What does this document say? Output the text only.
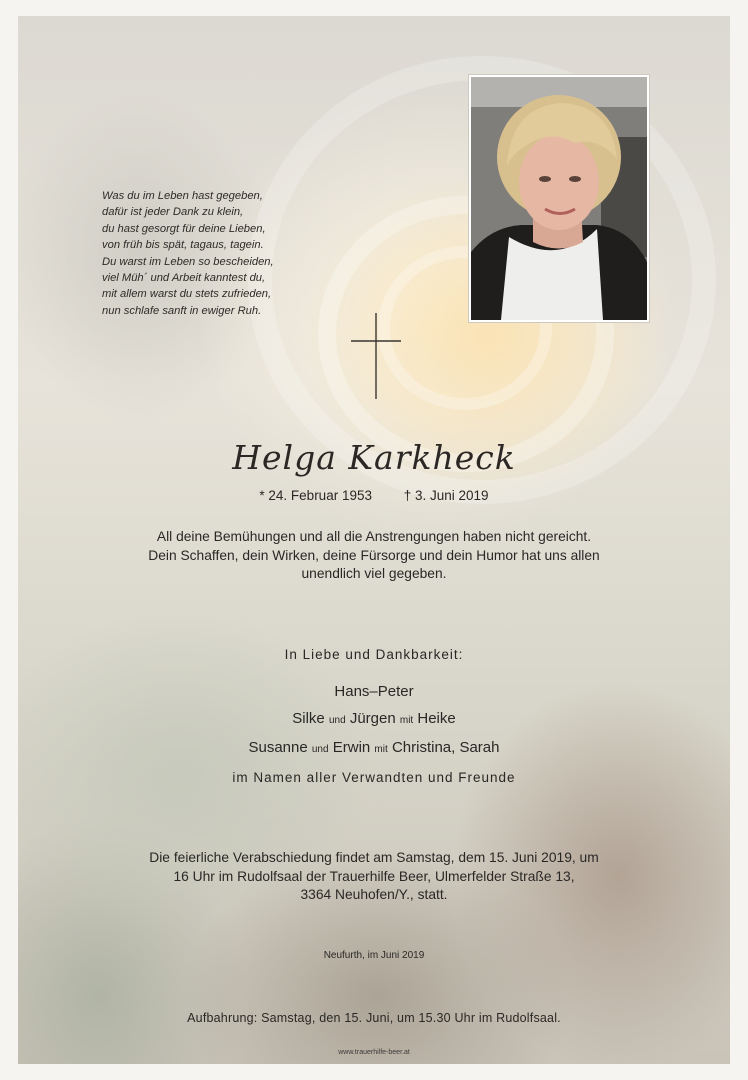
Was du im Leben hast gegeben,
dafür ist jeder Dank zu klein,
du hast gesorgt für deine Lieben,
von früh bis spät, tagaus, tagein.
Du warst im Leben so bescheiden,
viel Müh´ und Arbeit kanntest du,
mit allem warst du stets zufrieden,
nun schlafe sanft in ewiger Ruh.
Helga Karkheck
* 24. Februar 1953 † 3. Juni 2019
All deine Bemühungen und all die Anstrengungen haben nicht gereicht.
Dein Schaffen, dein Wirken, deine Fürsorge und dein Humor hat uns allen
unendlich viel gegeben.
In Liebe und Dankbarkeit:
Hans–Peter
Silke und Jürgen mit Heike
Susanne und Erwin mit Christina, Sarah
im Namen aller Verwandten und Freunde
Die feierliche Verabschiedung findet am Samstag, dem 15. Juni 2019, um
16 Uhr im Rudolfsaal der Trauerhilfe Beer, Ulmerfelder Straße 13,
3364 Neuhofen/Y., statt.
Neufurth, im Juni 2019
Aufbahrung: Samstag, den 15. Juni, um 15.30 Uhr im Rudolfsaal.
www.trauerhilfe-beer.at
